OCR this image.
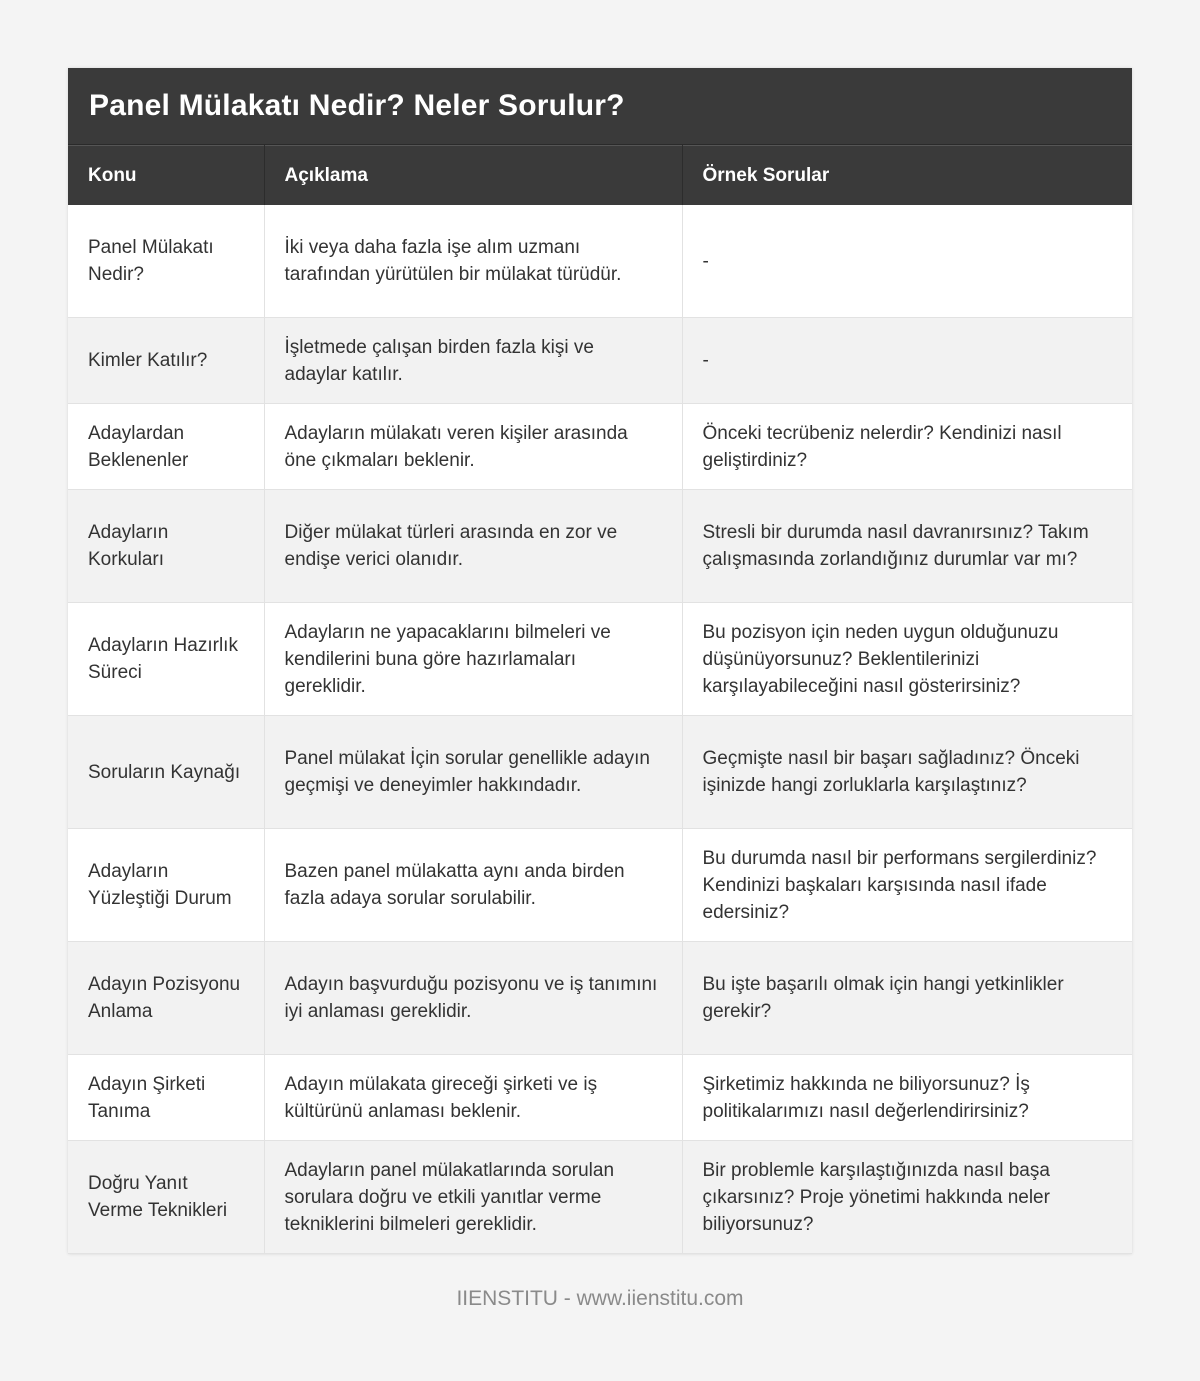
Panel Mülakatı Nedir? Neler Sorulur?
Konu	Açıklama	Örnek Sorular
Panel Mülakatı Nedir?	İki veya daha fazla işe alım uzmanı tarafından yürütülen bir mülakat türüdür.	-
Kimler Katılır?	İşletmede çalışan birden fazla kişi ve adaylar katılır.	-
Adaylardan Beklenenler	Adayların mülakatı veren kişiler arasında öne çıkmaları beklenir.	Önceki tecrübeniz nelerdir? Kendinizi nasıl geliştirdiniz?
Adayların Korkuları	Diğer mülakat türleri arasında en zor ve endişe verici olanıdır.	Stresli bir durumda nasıl davranırsınız? Takım çalışmasında zorlandığınız durumlar var mı?
Adayların Hazırlık Süreci	Adayların ne yapacaklarını bilmeleri ve kendilerini buna göre hazırlamaları gereklidir.	Bu pozisyon için neden uygun olduğunuzu düşünüyorsunuz? Beklentilerinizi karşılayabileceğini nasıl gösterirsiniz?
Soruların Kaynağı	Panel mülakat İçin sorular genellikle adayın geçmişi ve deneyimler hakkındadır.	Geçmişte nasıl bir başarı sağladınız? Önceki işinizde hangi zorluklarla karşılaştınız?
Adayların Yüzleştiği Durum	Bazen panel mülakatta aynı anda birden fazla adaya sorular sorulabilir.	Bu durumda nasıl bir performans sergilerdiniz? Kendinizi başkaları karşısında nasıl ifade edersiniz?
Adayın Pozisyonu Anlama	Adayın başvurduğu pozisyonu ve iş tanımını iyi anlaması gereklidir.	Bu işte başarılı olmak için hangi yetkinlikler gerekir?
Adayın Şirketi Tanıma	Adayın mülakata gireceği şirketi ve iş kültürünü anlaması beklenir.	Şirketimiz hakkında ne biliyorsunuz? İş politikalarımızı nasıl değerlendirirsiniz?
Doğru Yanıt Verme Teknikleri	Adayların panel mülakatlarında sorulan sorulara doğru ve etkili yanıtlar verme tekniklerini bilmeleri gereklidir.	Bir problemle karşılaştığınızda nasıl başa çıkarsınız? Proje yönetimi hakkında neler biliyorsunuz?
IIENSTITU - www.iienstitu.com
